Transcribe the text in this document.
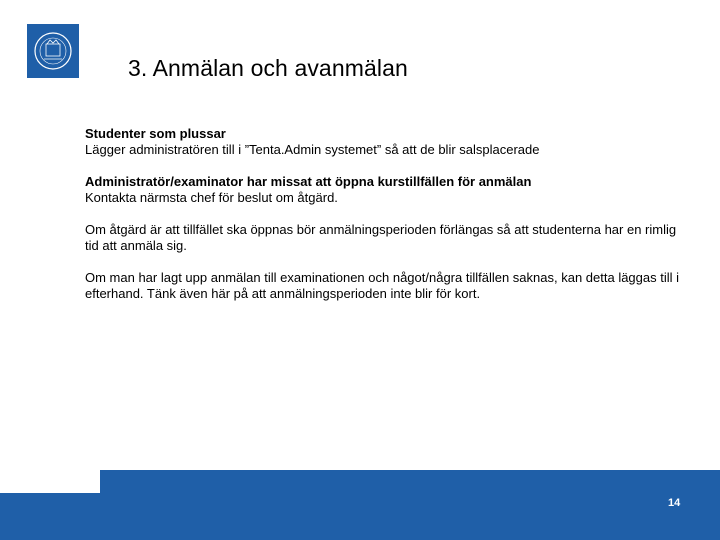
3. Anmälan och avanmälan

Studenter som plussar
Lägger administratören till i ”Tenta.Admin systemet” så att de blir salsplacerade

Administratör/examinator har missat att öppna kurstillfällen för anmälan
Kontakta närmsta chef för beslut om åtgärd.

Om åtgärd är att tillfället ska öppnas bör anmälningsperioden förlängas så att studenterna har en rimlig tid att anmäla sig.

Om man har lagt upp anmälan till examinationen och något/några tillfällen saknas, kan detta läggas till i efterhand. Tänk även här på att anmälningsperioden inte blir för kort.

14
